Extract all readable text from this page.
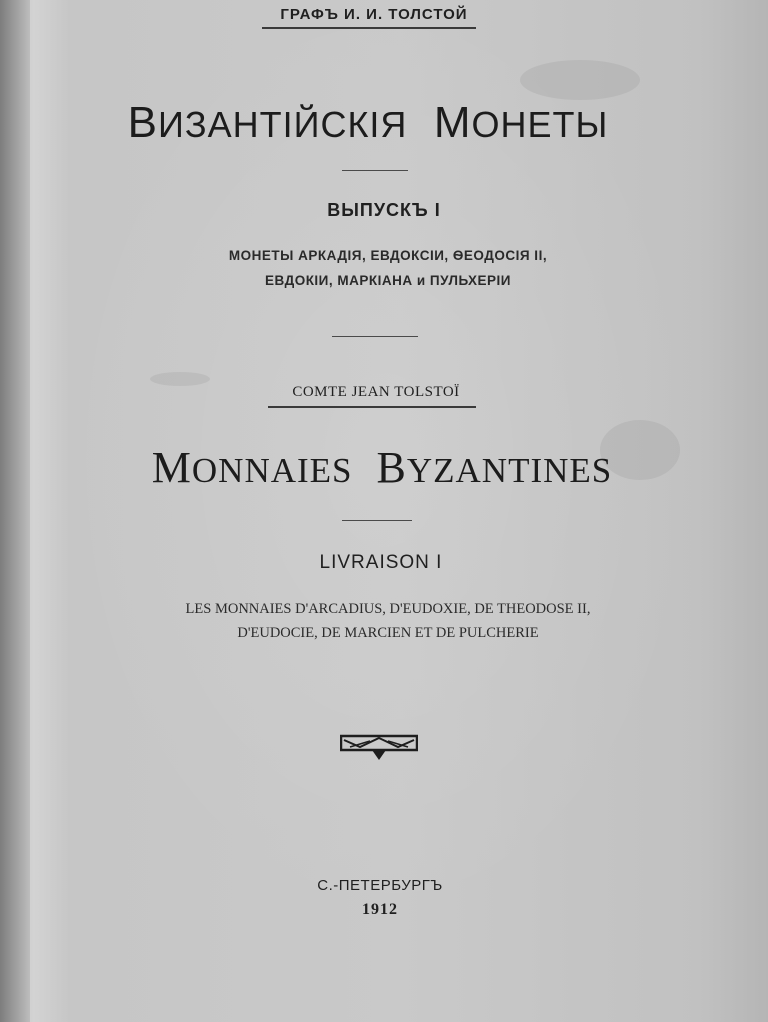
ГРАФЪ И. И. ТОЛСТОЙ
ВИЗАНТІЙСКІЯ МОНЕТЫ
ВЫПУСКЪ I
МОНЕТЫ АРКАДІЯ, ЕВДОКСІИ, ѲЕОДОСІЯ II,
ЕВДОКІИ, МАРКІАНА и ПУЛЬХЕРІИ
COMTE JEAN TOLSTOÏ
MONNAIES BYZANTINES
LIVRAISON I
LES MONNAIES D'ARCADIUS, D'EUDOXIE, DE THEODOSE II,
D'EUDOCIE, DE MARCIEN ET DE PULCHERIE
С.-ПЕТЕРБУРГЪ
1912
